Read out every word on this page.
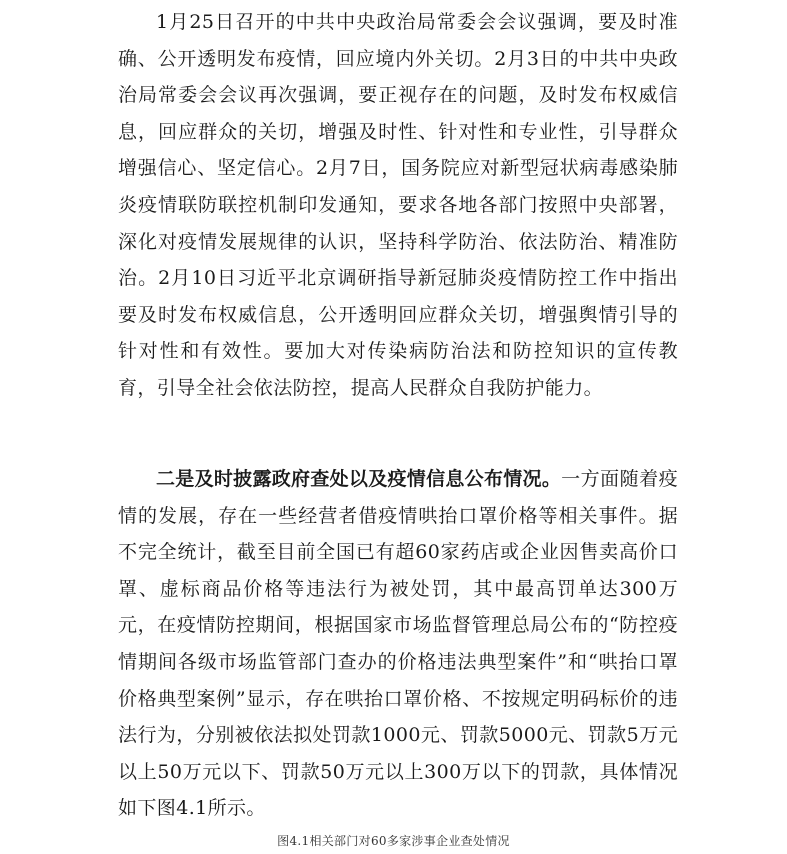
1月25日召开的中共中央政治局常委会会议强调，要及时准确、公开透明发布疫情，回应境内外关切。2月3日的中共中央政治局常委会会议再次强调，要正视存在的问题，及时发布权威信息，回应群众的关切，增强及时性、针对性和专业性，引导群众增强信心、坚定信心。2月7日，国务院应对新型冠状病毒感染肺炎疫情联防联控机制印发通知，要求各地各部门按照中央部署，深化对疫情发展规律的认识，坚持科学防治、依法防治、精准防治。2月10日习近平北京调研指导新冠肺炎疫情防控工作中指出要及时发布权威信息，公开透明回应群众关切，增强舆情引导的针对性和有效性。要加大对传染病防治法和防控知识的宣传教育，引导全社会依法防控，提高人民群众自我防护能力。

二是及时披露政府查处以及疫情信息公布情况。一方面随着疫情的发展，存在一些经营者借疫情哄抬口罩价格等相关事件。据不完全统计，截至目前全国已有超60家药店或企业因售卖高价口罩、虚标商品价格等违法行为被处罚，其中最高罚单达300万元，在疫情防控期间，根据国家市场监督管理总局公布的“防控疫情期间各级市场监管部门查办的价格违法典型案件”和“哄抬口罩价格典型案例”显示，存在哄抬口罩价格、不按规定明码标价的违法行为，分别被依法拟处罚款1000元、罚款5000元、罚款5万元以上50万元以下、罚款50万元以上300万以下的罚款，具体情况如下图4.1所示。

图4.1相关部门对60多家涉事企业查处情况
